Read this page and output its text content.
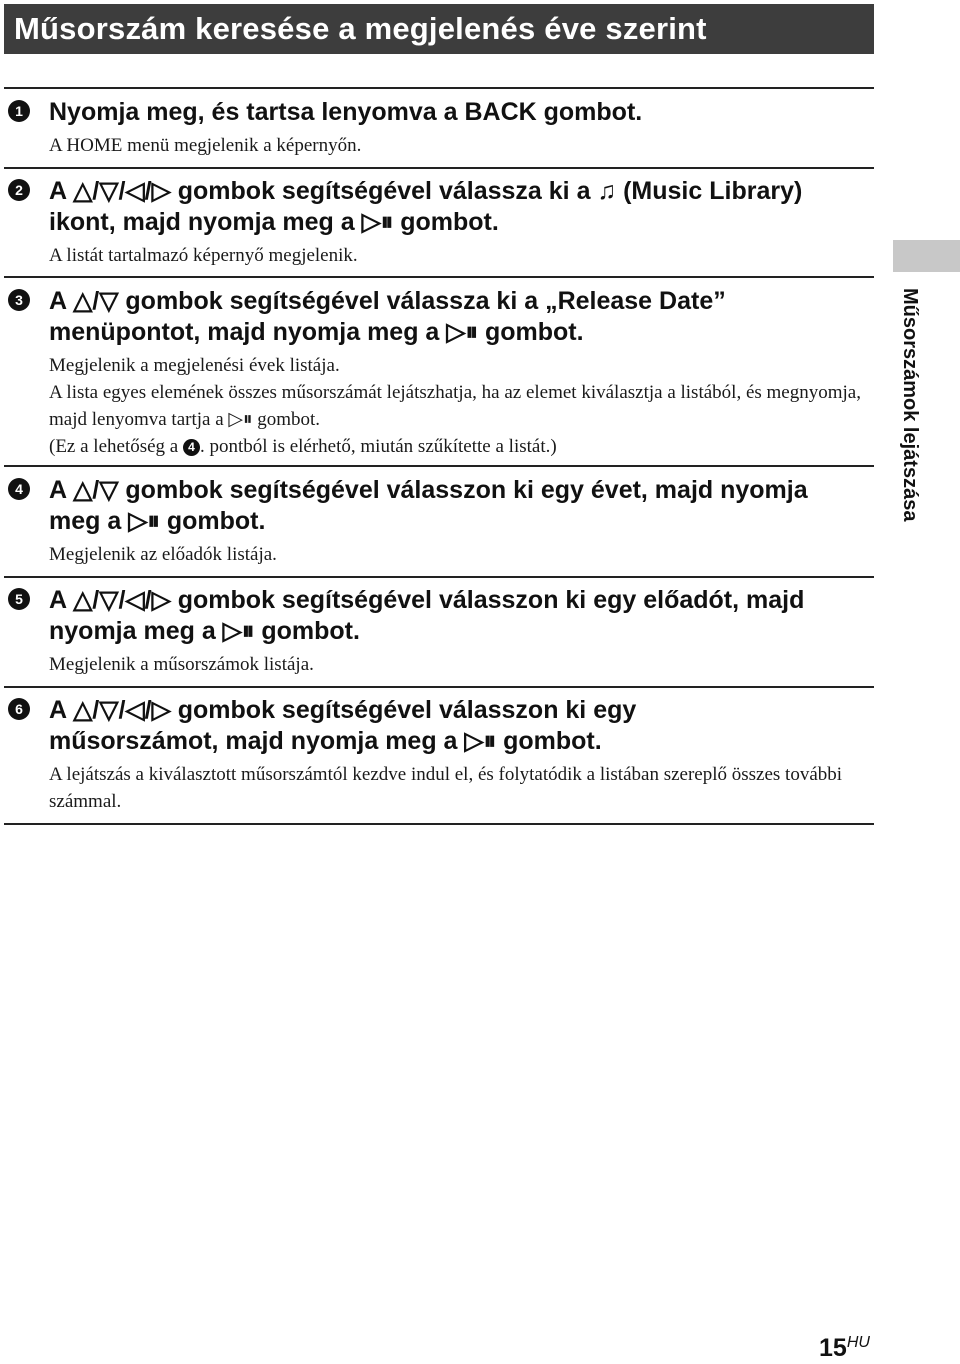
Műsorszám keresése a megjelenés éve szerint
1 Nyomja meg, és tartsa lenyomva a BACK gombot.

A HOME menü megjelenik a képernyőn.

2 A △/▽/◁/▷ gombok segítségével válassza ki a ♫ (Music Library) ikont, majd nyomja meg a ▷⏸ gombot.

A listát tartalmazó képernyő megjelenik.

3 A △/▽ gombok segítségével válassza ki a „Release Date” menüpontot, majd nyomja meg a ▷⏸ gombot.

Megjelenik a megjelenési évek listája.

A lista egyes elemének összes műsorszámát lejátszhatja, ha az elemet kiválasztja a listából, és megnyomja, majd lenyomva tartja a ▷⏸ gombot.

(Ez a lehetőség a 4 . pontból is elérhető, miután szűkítette a listát.)

4 A △/▽ gombok segítségével válasszon ki egy évet, majd nyomja meg a ▷⏸ gombot.

Megjelenik az előadók listája.

5 A △/▽/◁/▷ gombok segítségével válasszon ki egy előadót, majd nyomja meg a ▷⏸ gombot.

Megjelenik a műsorszámok listája.

6 A △/▽/◁/▷ gombok segítségével válasszon ki egy műsorszámot, majd nyomja meg a ▷⏸ gombot.

A lejátszás a kiválasztott műsorszámtól kezdve indul el, és folytatódik a listában szereplő összes további számmal.

Műsorszámok lejátszása
15HU
